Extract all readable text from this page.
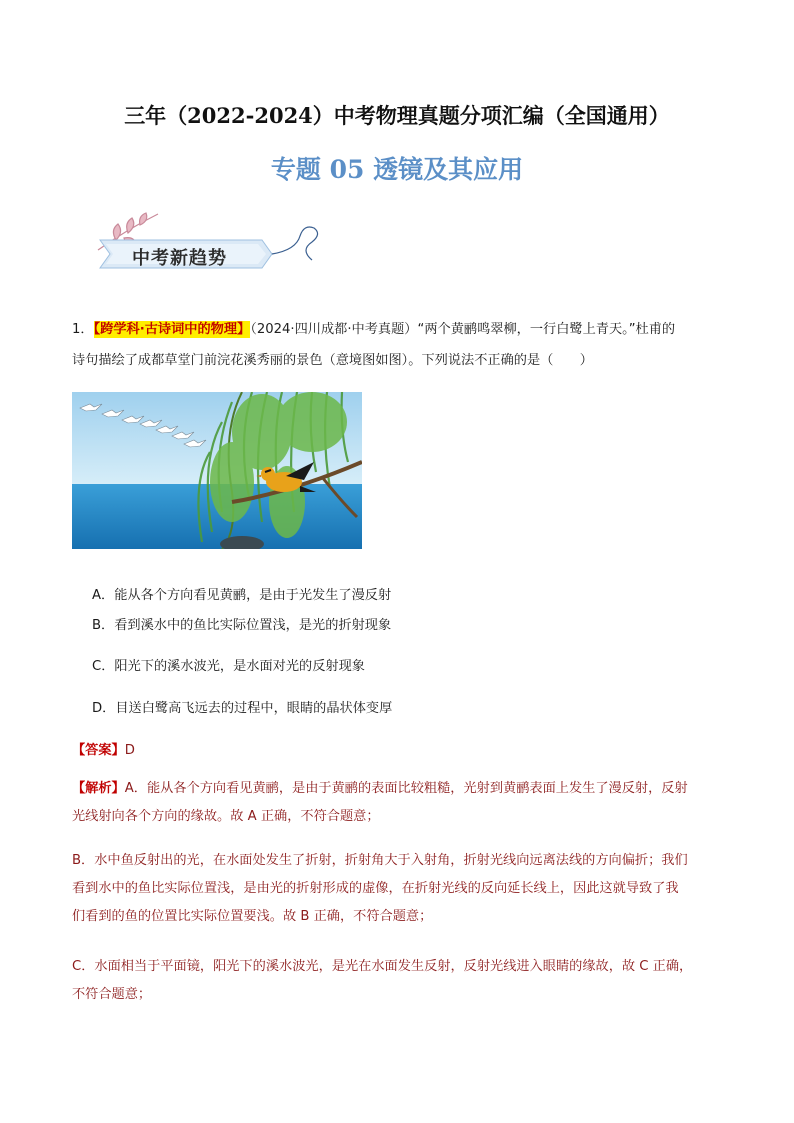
三年（2022-2024）中考物理真题分项汇编（全国通用）
专题 05 透镜及其应用
中考新趋势
1．【跨学科·古诗词中的物理】（2024·四川成都·中考真题）“两个黄鹂鸣翠柳，一行白鹭上青天。”杜甫的
诗句描绘了成都草堂门前浣花溪秀丽的景色（意境图如图）。下列说法不正确的是（　　）
A．能从各个方向看见黄鹂，是由于光发生了漫反射
B．看到溪水中的鱼比实际位置浅，是光的折射现象
C．阳光下的溪水波光，是水面对光的反射现象
D．目送白鹭高飞远去的过程中，眼睛的晶状体变厚
【答案】D
【解析】A．能从各个方向看见黄鹂，是由于黄鹂的表面比较粗糙，光射到黄鹂表面上发生了漫反射，反射
光线射向各个方向的缘故。故 A 正确，不符合题意；
B．水中鱼反射出的光，在水面处发生了折射，折射角大于入射角，折射光线向远离法线的方向偏折；我们
看到水中的鱼比实际位置浅，是由光的折射形成的虚像，在折射光线的反向延长线上，因此这就导致了我
们看到的鱼的位置比实际位置要浅。故 B 正确，不符合题意；
C．水面相当于平面镜，阳光下的溪水波光，是光在水面发生反射，反射光线进入眼睛的缘故，故 C 正确，
不符合题意；
